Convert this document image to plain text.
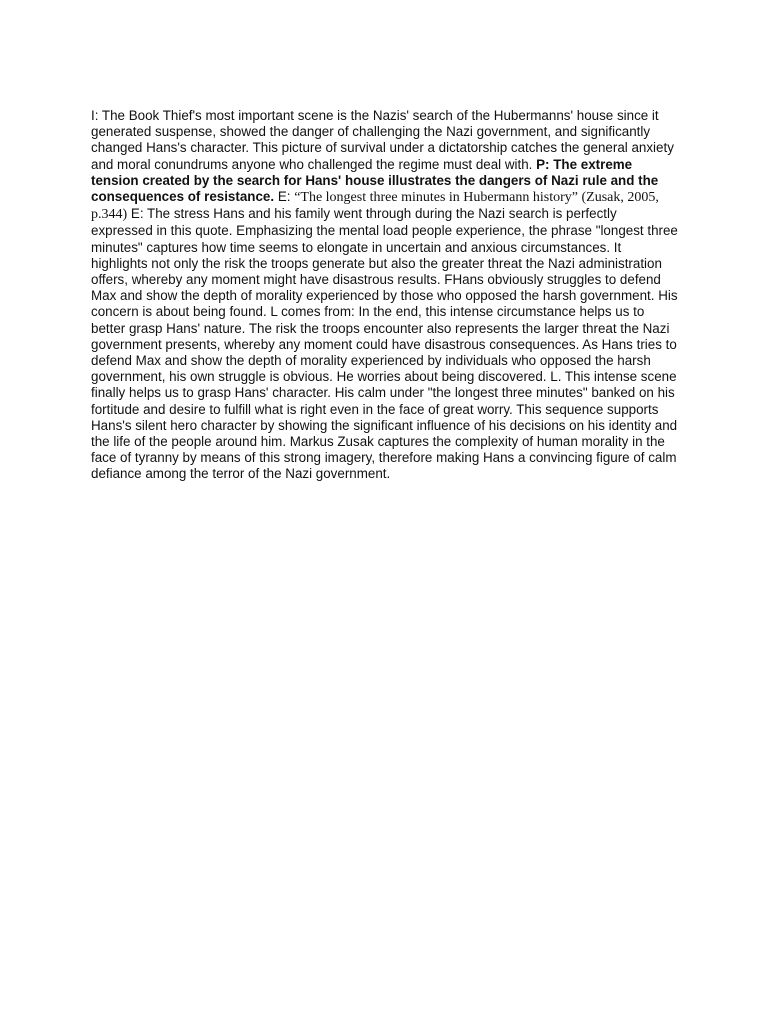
I: The Book Thief's most important scene is the Nazis' search of the Hubermanns' house since it generated suspense, showed the danger of challenging the Nazi government, and significantly changed Hans's character. This picture of survival under a dictatorship catches the general anxiety and moral conundrums anyone who challenged the regime must deal with. P: The extreme tension created by the search for Hans' house illustrates the dangers of Nazi rule and the consequences of resistance. E: “The longest three minutes in Hubermann history” (Zusak, 2005, p.344) E: The stress Hans and his family went through during the Nazi search is perfectly expressed in this quote. Emphasizing the mental load people experience, the phrase "longest three minutes" captures how time seems to elongate in uncertain and anxious circumstances. It highlights not only the risk the troops generate but also the greater threat the Nazi administration offers, whereby any moment might have disastrous results. FHans obviously struggles to defend Max and show the depth of morality experienced by those who opposed the harsh government. His concern is about being found. L comes from: In the end, this intense circumstance helps us to better grasp Hans' nature. The risk the troops encounter also represents the larger threat the Nazi government presents, whereby any moment could have disastrous consequences. As Hans tries to defend Max and show the depth of morality experienced by individuals who opposed the harsh government, his own struggle is obvious. He worries about being discovered. L. This intense scene finally helps us to grasp Hans' character. His calm under "the longest three minutes" banked on his fortitude and desire to fulfill what is right even in the face of great worry. This sequence supports Hans's silent hero character by showing the significant influence of his decisions on his identity and the life of the people around him. Markus Zusak captures the complexity of human morality in the face of tyranny by means of this strong imagery, therefore making Hans a convincing figure of calm defiance among the terror of the Nazi government.
